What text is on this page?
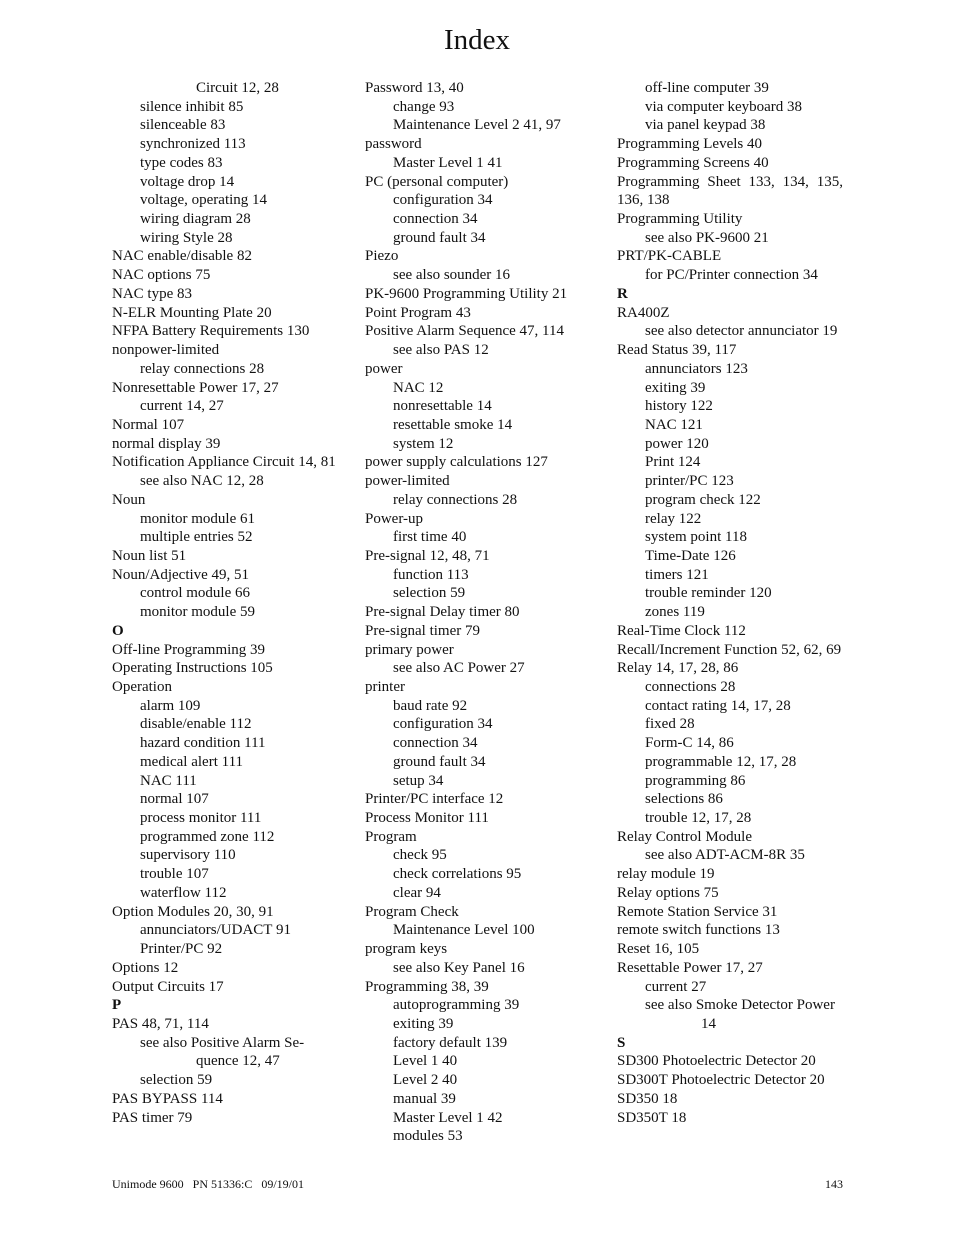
Index
Circuit 12, 28
silence inhibit 85
silenceable 83
synchronized 113
type codes 83
voltage drop 14
voltage, operating 14
wiring diagram 28
wiring Style 28
NAC enable/disable 82
NAC options 75
NAC type 83
N-ELR Mounting Plate 20
NFPA Battery Requirements 130
nonpower-limited
relay connections 28
Nonresettable Power 17, 27
current 14, 27
Normal 107
normal display 39
Notification Appliance Circuit 14, 81
see also NAC 12, 28
Noun
monitor module 61
multiple entries 52
Noun list 51
Noun/Adjective 49, 51
control module 66
monitor module 59
O
Off-line Programming 39
Operating Instructions 105
Operation
alarm 109
disable/enable 112
hazard condition 111
medical alert 111
NAC 111
normal 107
process monitor 111
programmed zone 112
supervisory 110
trouble 107
waterflow 112
Option Modules 20, 30, 91
annunciators/UDACT 91
Printer/PC 92
Options 12
Output Circuits 17
P
PAS 48, 71, 114
see also Positive Alarm Se-
quence 12, 47
selection 59
PAS BYPASS 114
PAS timer 79
Password 13, 40
change 93
Maintenance Level 2 41, 97
password
Master Level 1 41
PC (personal computer)
configuration 34
connection 34
ground fault 34
Piezo
see also sounder 16
PK-9600 Programming Utility 21
Point Program 43
Positive Alarm Sequence 47, 114
see also PAS 12
power
NAC 12
nonresettable 14
resettable smoke 14
system 12
power supply calculations 127
power-limited
relay connections 28
Power-up
first time 40
Pre-signal 12, 48, 71
function 113
selection 59
Pre-signal Delay timer 80
Pre-signal timer 79
primary power
see also AC Power 27
printer
baud rate 92
configuration 34
connection 34
ground fault 34
setup 34
Printer/PC interface 12
Process Monitor 111
Program
check 95
check correlations 95
clear 94
Program Check
Maintenance Level 100
program keys
see also Key Panel 16
Programming 38, 39
autoprogramming 39
exiting 39
factory default 139
Level 1 40
Level 2 40
manual 39
Master Level 1 42
modules 53
off-line computer 39
via computer keyboard 38
via panel keypad 38
Programming Levels 40
Programming Screens 40
Programming Sheet 133, 134, 135, 136, 138
Programming Utility
see also PK-9600 21
PRT/PK-CABLE
for PC/Printer connection 34
R
RA400Z
see also detector annunciator 19
Read Status 39, 117
annunciators 123
exiting 39
history 122
NAC 121
power 120
Print 124
printer/PC 123
program check 122
relay 122
system point 118
Time-Date 126
timers 121
trouble reminder 120
zones 119
Real-Time Clock 112
Recall/Increment Function 52, 62, 69
Relay 14, 17, 28, 86
connections 28
contact rating 14, 17, 28
fixed 28
Form-C 14, 86
programmable 12, 17, 28
programming 86
selections 86
trouble 12, 17, 28
Relay Control Module
see also ADT-ACM-8R 35
relay module 19
Relay options 75
Remote Station Service 31
remote switch functions 13
Reset 16, 105
Resettable Power 17, 27
current 27
see also Smoke Detector Power
14
S
SD300 Photoelectric Detector 20
SD300T Photoelectric Detector 20
SD350 18
SD350T 18
Unimode 9600   PN 51336:C   09/19/01	143
